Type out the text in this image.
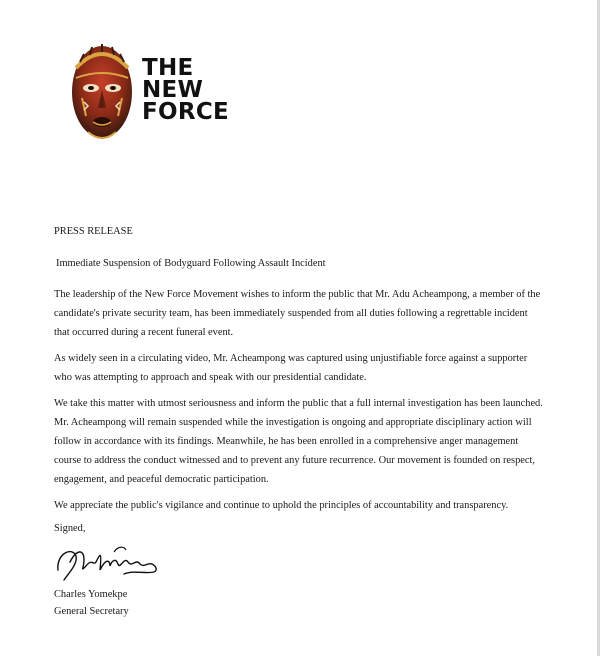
THE
NEW
FORCE

PRESS RELEASE

Immediate Suspension of Bodyguard Following Assault Incident

The leadership of the New Force Movement wishes to inform the public that Mr. Adu Acheampong, a member of the candidate's private security team, has been immediately suspended from all duties following a regrettable incident that occurred during a recent funeral event.

As widely seen in a circulating video, Mr. Acheampong was captured using unjustifiable force against a supporter who was attempting to approach and speak with our presidential candidate.

We take this matter with utmost seriousness and inform the public that a full internal investigation has been launched. Mr. Acheampong will remain suspended while the investigation is ongoing and appropriate disciplinary action will follow in accordance with its findings. Meanwhile, he has been enrolled in a comprehensive anger management course to address the conduct witnessed and to prevent any future recurrence. Our movement is founded on respect, engagement, and peaceful democratic participation.

We appreciate the public's vigilance and continue to uphold the principles of accountability and transparency.

Signed,

Charles Yomekpe

General Secretary
